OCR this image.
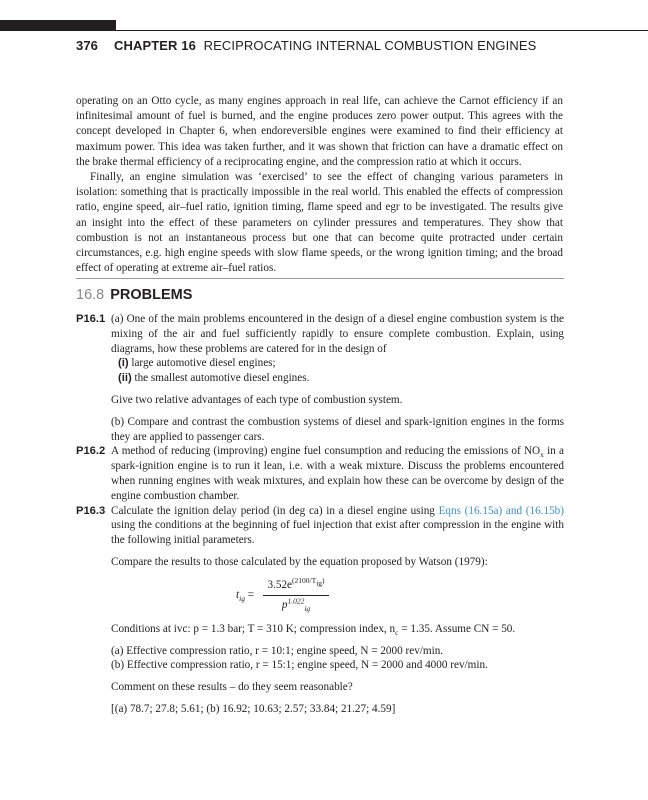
376 CHAPTER 16 RECIPROCATING INTERNAL COMBUSTION ENGINES

operating on an Otto cycle, as many engines approach in real life, can achieve the Carnot efficiency if an infinitesimal amount of fuel is burned, and the engine produces zero power output. This agrees with the concept developed in Chapter 6, when endoreversible engines were examined to find their efficiency at maximum power. This idea was taken further, and it was shown that friction can have a dramatic effect on the brake thermal efficiency of a reciprocating engine, and the compression ratio at which it occurs.

Finally, an engine simulation was ‘exercised’ to see the effect of changing various parameters in isolation: something that is practically impossible in the real world. This enabled the effects of compression ratio, engine speed, air–fuel ratio, ignition timing, flame speed and egr to be investigated. The results give an insight into the effect of these parameters on cylinder pressures and temperatures. They show that combustion is not an instantaneous process but one that can become quite protracted under certain circumstances, e.g. high engine speeds with slow flame speeds, or the wrong ignition timing; and the broad effect of operating at extreme air–fuel ratios.

16.8 PROBLEMS
P16.1 (a) One of the main problems encountered in the design of a diesel engine combustion system is the mixing of the air and fuel sufficiently rapidly to ensure complete combustion. Explain, using diagrams, how these problems are catered for in the design of
(i) large automotive diesel engines;
(ii) the smallest automotive diesel engines.
Give two relative advantages of each type of combustion system.
(b) Compare and contrast the combustion systems of diesel and spark-ignition engines in the forms they are applied to passenger cars.
P16.2 A method of reducing (improving) engine fuel consumption and reducing the emissions of $NO_x$ in a spark-ignition engine is to run it lean, i.e. with a weak mixture. Discuss the problems encountered when running engines with weak mixtures, and explain how these can be overcome by design of the engine combustion chamber.
P16.3 Calculate the ignition delay period (in deg ca) in a diesel engine using Eqns (16.15a) and (16.15b) using the conditions at the beginning of fuel injection that exist after compression in the engine with the following initial parameters.
Compare the results to those calculated by the equation proposed by Watson (1979):
$t_{ig}$ =
$3.52e^{(2100/T_{ig})}$
$p^{1.022}_{ig}$
Conditions at ivc: p = 1.3 bar; T = 310 K; compression index, $n_c = 1.35$. Assume CN = 50.
(a) Effective compression ratio, r = 10:1; engine speed, N = 2000 rev/min.
(b) Effective compression ratio, r = 15:1; engine speed, N = 2000 and 4000 rev/min.
Comment on these results – do they seem reasonable?
[(a) 78.7; 27.8; 5.61; (b) 16.92; 10.63; 2.57; 33.84; 21.27; 4.59]
